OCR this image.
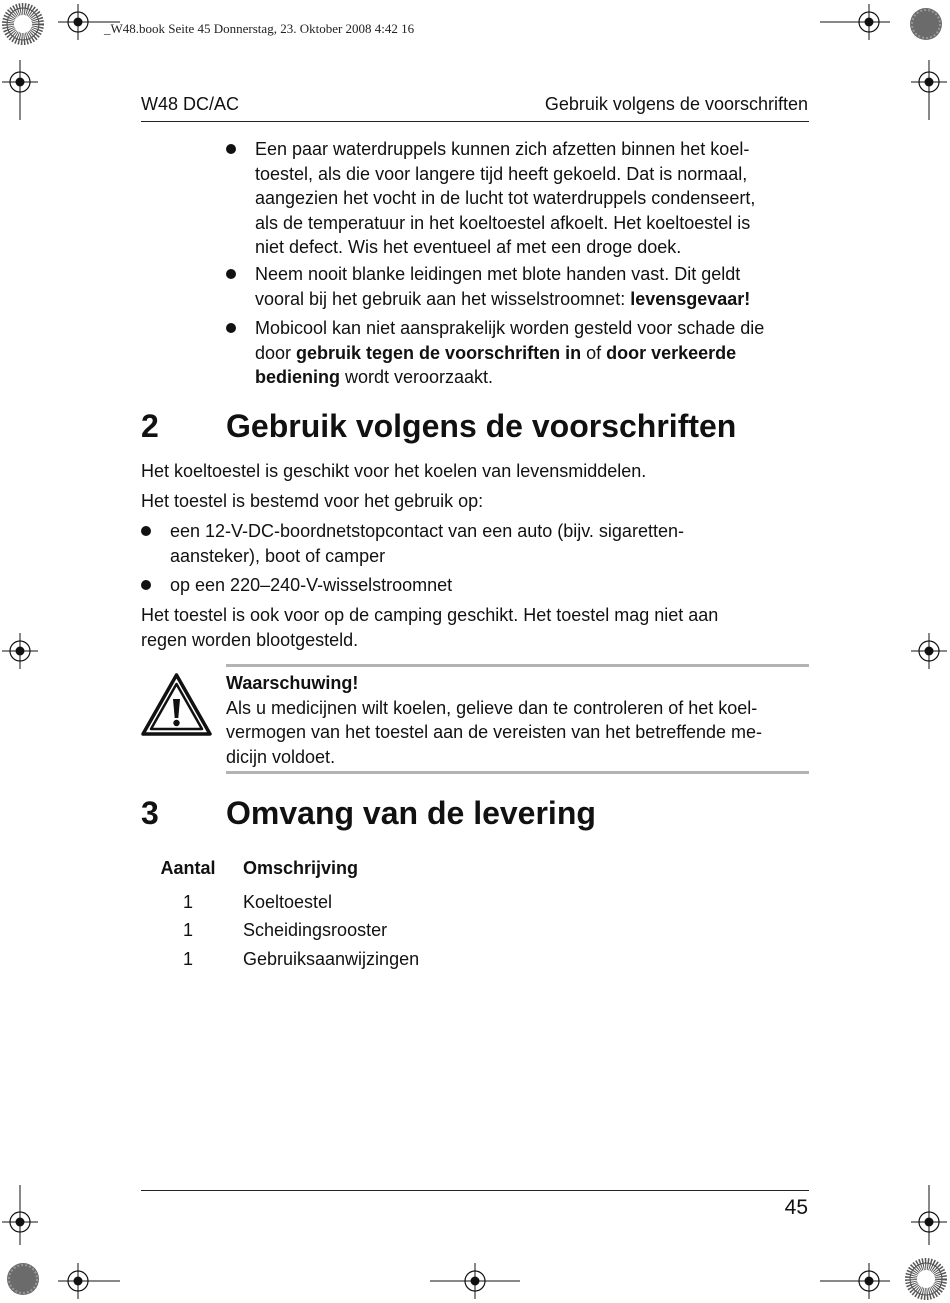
_W48.book Seite 45 Donnerstag, 23. Oktober 2008 4:42 16
W48 DC/AC	Gebruik volgens de voorschriften
Een paar waterdruppels kunnen zich afzetten binnen het koel-
toestel, als die voor langere tijd heeft gekoeld. Dat is normaal,
aangezien het vocht in de lucht tot waterdruppels condenseert,
als de temperatuur in het koeltoestel afkoelt. Het koeltoestel is
niet defect. Wis het eventueel af met een droge doek.
Neem nooit blanke leidingen met blote handen vast. Dit geldt
vooral bij het gebruik aan het wisselstroomnet: levensgevaar!
Mobicool kan niet aansprakelijk worden gesteld voor schade die
door gebruik tegen de voorschriften in of door verkeerde
bediening wordt veroorzaakt.
2 Gebruik volgens de voorschriften

Het koeltoestel is geschikt voor het koelen van levensmiddelen.

Het toestel is bestemd voor het gebruik op:

een 12-V-DC-boordnetstopcontact van een auto (bijv. sigaretten-
aansteker), boot of camper
op een 220–240-V-wisselstroomnet
Het toestel is ook voor op de camping geschikt. Het toestel mag niet aan
regen worden blootgesteld.
Waarschuwing!
Als u medicijnen wilt koelen, gelieve dan te controleren of het koel-
vermogen van het toestel aan de vereisten van het betreffende me-
dicijn voldoet.
3 Omvang van de levering
Aantal	Omschrijving
1	Koeltoestel
1	Scheidingsrooster
1	Gebruiksaanwijzingen
45
